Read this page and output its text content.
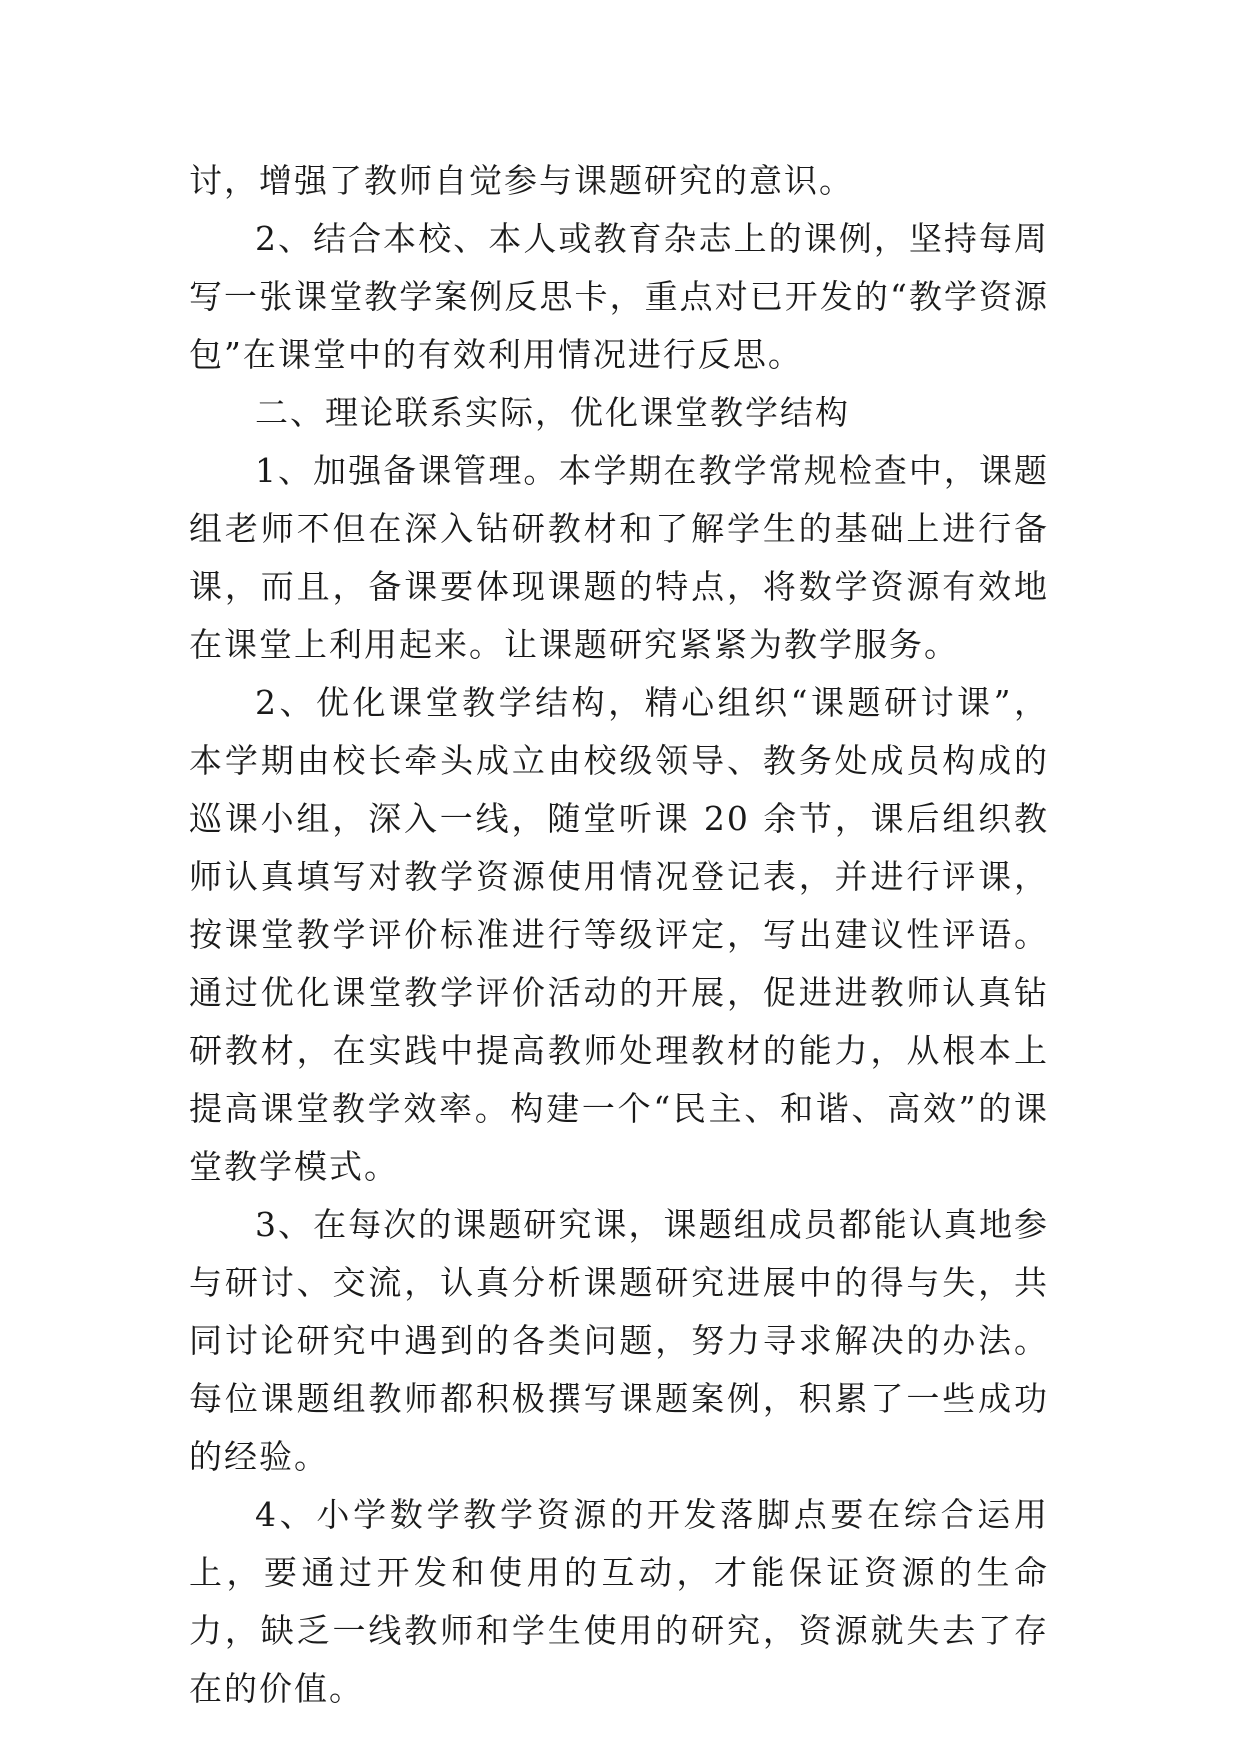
讨，增强了教师自觉参与课题研究的意识。

2、结合本校、本人或教育杂志上的课例，坚持每周写一张课堂教学案例反思卡，重点对已开发的“教学资源包”在课堂中的有效利用情况进行反思。

二、理论联系实际，优化课堂教学结构

1、加强备课管理。本学期在教学常规检查中，课题组老师不但在深入钻研教材和了解学生的基础上进行备课，而且，备课要体现课题的特点，将数学资源有效地在课堂上利用起来。让课题研究紧紧为教学服务。

2、优化课堂教学结构，精心组织“课题研讨课”，本学期由校长牵头成立由校级领导、教务处成员构成的巡课小组，深入一线，随堂听课 20 余节，课后组织教师认真填写对教学资源使用情况登记表，并进行评课，按课堂教学评价标准进行等级评定，写出建议性评语。通过优化课堂教学评价活动的开展，促进进教师认真钻研教材，在实践中提高教师处理教材的能力，从根本上提高课堂教学效率。构建一个“民主、和谐、高效”的课堂教学模式。

3、在每次的课题研究课，课题组成员都能认真地参与研讨、交流，认真分析课题研究进展中的得与失，共同讨论研究中遇到的各类问题，努力寻求解决的办法。每位课题组教师都积极撰写课题案例，积累了一些成功的经验。

4、小学数学教学资源的开发落脚点要在综合运用上，要通过开发和使用的互动，才能保证资源的生命力，缺乏一线教师和学生使用的研究，资源就失去了存在的价值。
